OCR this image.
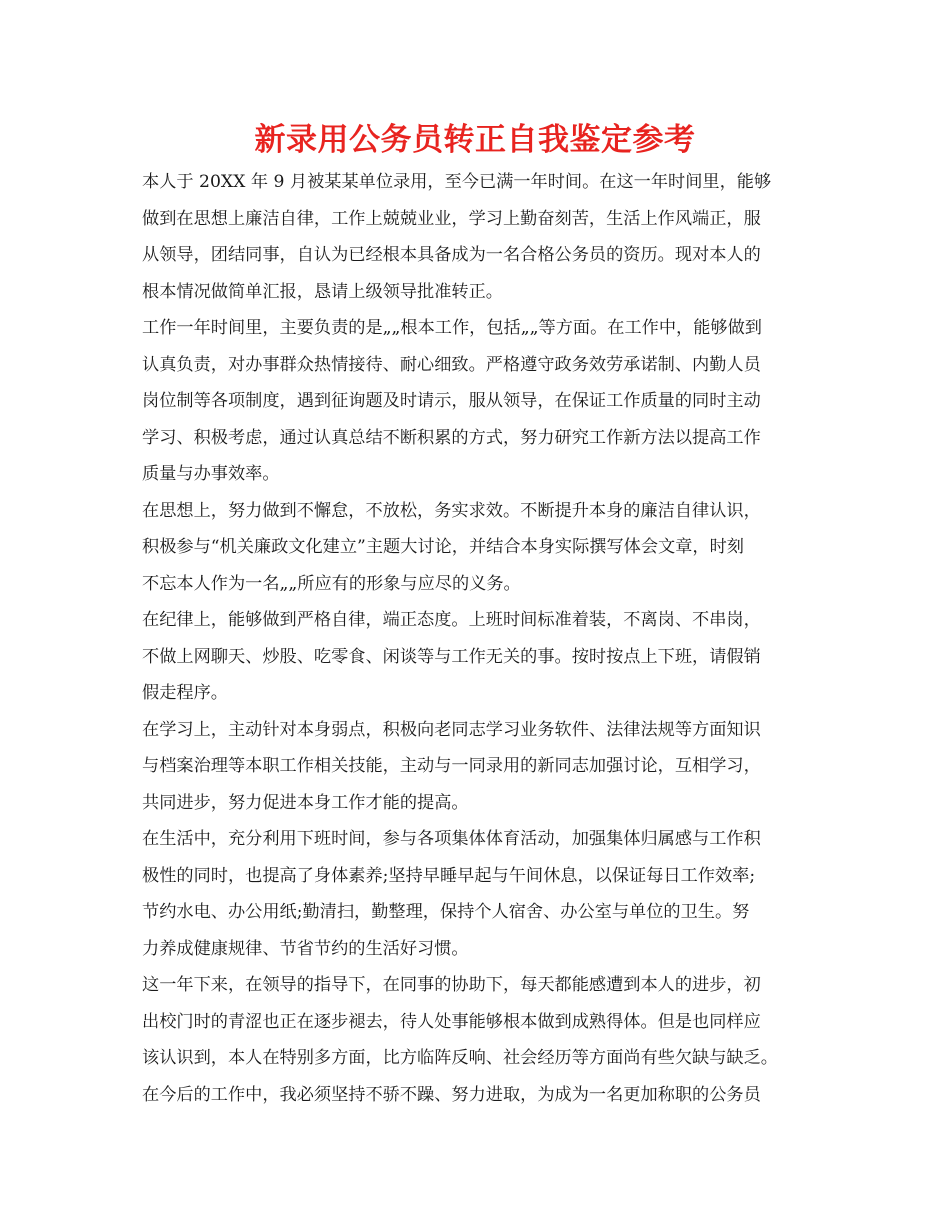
新录用公务员转正自我鉴定参考
本人于 20XX 年 9 月被某某单位录用，至今已满一年时间。在这一年时间里，能够
做到在思想上廉洁自律，工作上兢兢业业，学习上勤奋刻苦，生活上作风端正，服
从领导，团结同事，自认为已经根本具备成为一名合格公务员的资历。现对本人的
根本情况做简单汇报，恳请上级领导批准转正。
工作一年时间里，主要负责的是„„根本工作，包括„„等方面。在工作中，能够做到
认真负责，对办事群众热情接待、耐心细致。严格遵守政务效劳承诺制、内勤人员
岗位制等各项制度，遇到征询题及时请示，服从领导，在保证工作质量的同时主动
学习、积极考虑，通过认真总结不断积累的方式，努力研究工作新方法以提高工作
质量与办事效率。
在思想上，努力做到不懈怠，不放松，务实求效。不断提升本身的廉洁自律认识，
积极参与“机关廉政文化建立”主题大讨论，并结合本身实际撰写体会文章，时刻
不忘本人作为一名„„所应有的形象与应尽的义务。
在纪律上，能够做到严格自律，端正态度。上班时间标准着装，不离岗、不串岗，
不做上网聊天、炒股、吃零食、闲谈等与工作无关的事。按时按点上下班，请假销
假走程序。
在学习上，主动针对本身弱点，积极向老同志学习业务软件、法律法规等方面知识
与档案治理等本职工作相关技能，主动与一同录用的新同志加强讨论，互相学习，
共同进步，努力促进本身工作才能的提高。
在生活中，充分利用下班时间，参与各项集体体育活动，加强集体归属感与工作积
极性的同时，也提高了身体素养;坚持早睡早起与午间休息，以保证每日工作效率;
节约水电、办公用纸;勤清扫，勤整理，保持个人宿舍、办公室与单位的卫生。努
力养成健康规律、节省节约的生活好习惯。
这一年下来，在领导的指导下，在同事的协助下，每天都能感遭到本人的进步，初
出校门时的青涩也正在逐步褪去，待人处事能够根本做到成熟得体。但是也同样应
该认识到，本人在特别多方面，比方临阵反响、社会经历等方面尚有些欠缺与缺乏。
在今后的工作中，我必须坚持不骄不躁、努力进取，为成为一名更加称职的公务员
